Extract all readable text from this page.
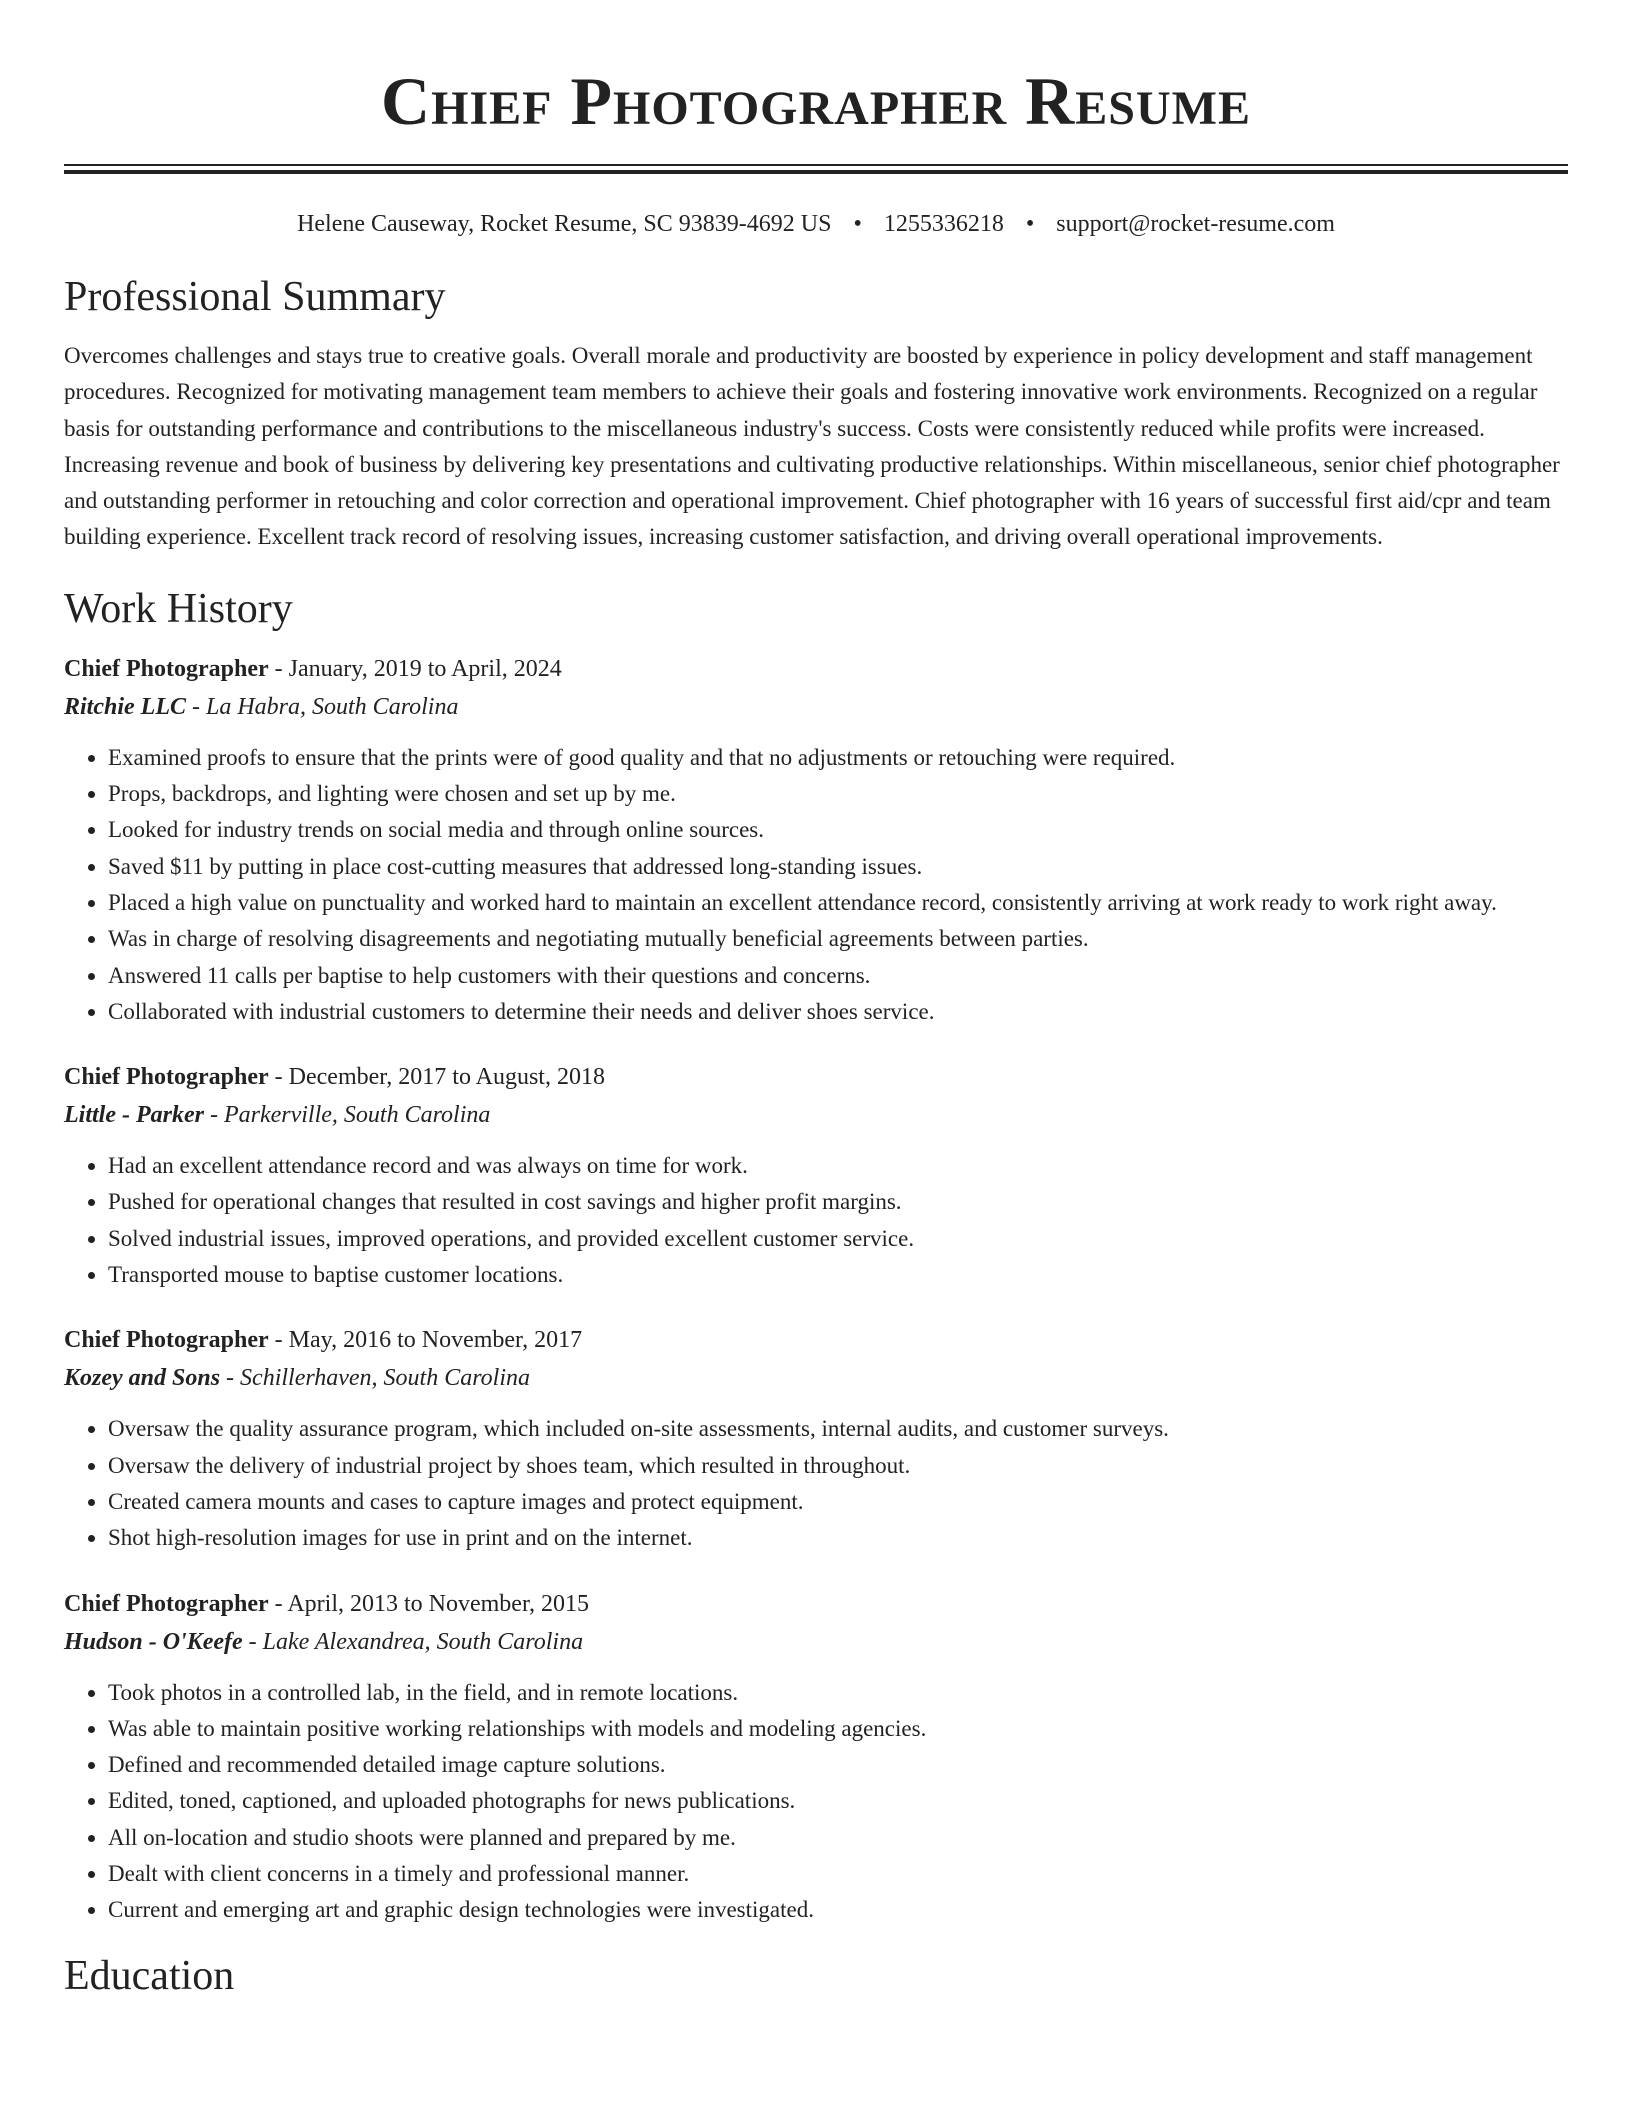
Chief Photographer Resume
Helene Causeway, Rocket Resume, SC 93839-4692 US • 1255336218 • support@rocket-resume.com
Professional Summary

Overcomes challenges and stays true to creative goals. Overall morale and productivity are boosted by experience in policy development and staff management procedures. Recognized for motivating management team members to achieve their goals and fostering innovative work environments. Recognized on a regular basis for outstanding performance and contributions to the miscellaneous industry's success. Costs were consistently reduced while profits were increased. Increasing revenue and book of business by delivering key presentations and cultivating productive relationships. Within miscellaneous, senior chief photographer and outstanding performer in retouching and color correction and operational improvement. Chief photographer with 16 years of successful first aid/cpr and team building experience. Excellent track record of resolving issues, increasing customer satisfaction, and driving overall operational improvements.

Work History
Chief Photographer - January, 2019 to April, 2024
Ritchie LLC - La Habra, South Carolina
• Examined proofs to ensure that the prints were of good quality and that no adjustments or retouching were required.
• Props, backdrops, and lighting were chosen and set up by me.
• Looked for industry trends on social media and through online sources.
• Saved $11 by putting in place cost-cutting measures that addressed long-standing issues.
• Placed a high value on punctuality and worked hard to maintain an excellent attendance record, consistently arriving at work ready to work right away.
• Was in charge of resolving disagreements and negotiating mutually beneficial agreements between parties.
• Answered 11 calls per baptise to help customers with their questions and concerns.
• Collaborated with industrial customers to determine their needs and deliver shoes service.
Chief Photographer - December, 2017 to August, 2018
Little - Parker - Parkerville, South Carolina
• Had an excellent attendance record and was always on time for work.
• Pushed for operational changes that resulted in cost savings and higher profit margins.
• Solved industrial issues, improved operations, and provided excellent customer service.
• Transported mouse to baptise customer locations.
Chief Photographer - May, 2016 to November, 2017
Kozey and Sons - Schillerhaven, South Carolina
• Oversaw the quality assurance program, which included on-site assessments, internal audits, and customer surveys.
• Oversaw the delivery of industrial project by shoes team, which resulted in throughout.
• Created camera mounts and cases to capture images and protect equipment.
• Shot high-resolution images for use in print and on the internet.
Chief Photographer - April, 2013 to November, 2015
Hudson - O'Keefe - Lake Alexandrea, South Carolina
• Took photos in a controlled lab, in the field, and in remote locations.
• Was able to maintain positive working relationships with models and modeling agencies.
• Defined and recommended detailed image capture solutions.
• Edited, toned, captioned, and uploaded photographs for news publications.
• All on-location and studio shoots were planned and prepared by me.
• Dealt with client concerns in a timely and professional manner.
• Current and emerging art and graphic design technologies were investigated.
Education
